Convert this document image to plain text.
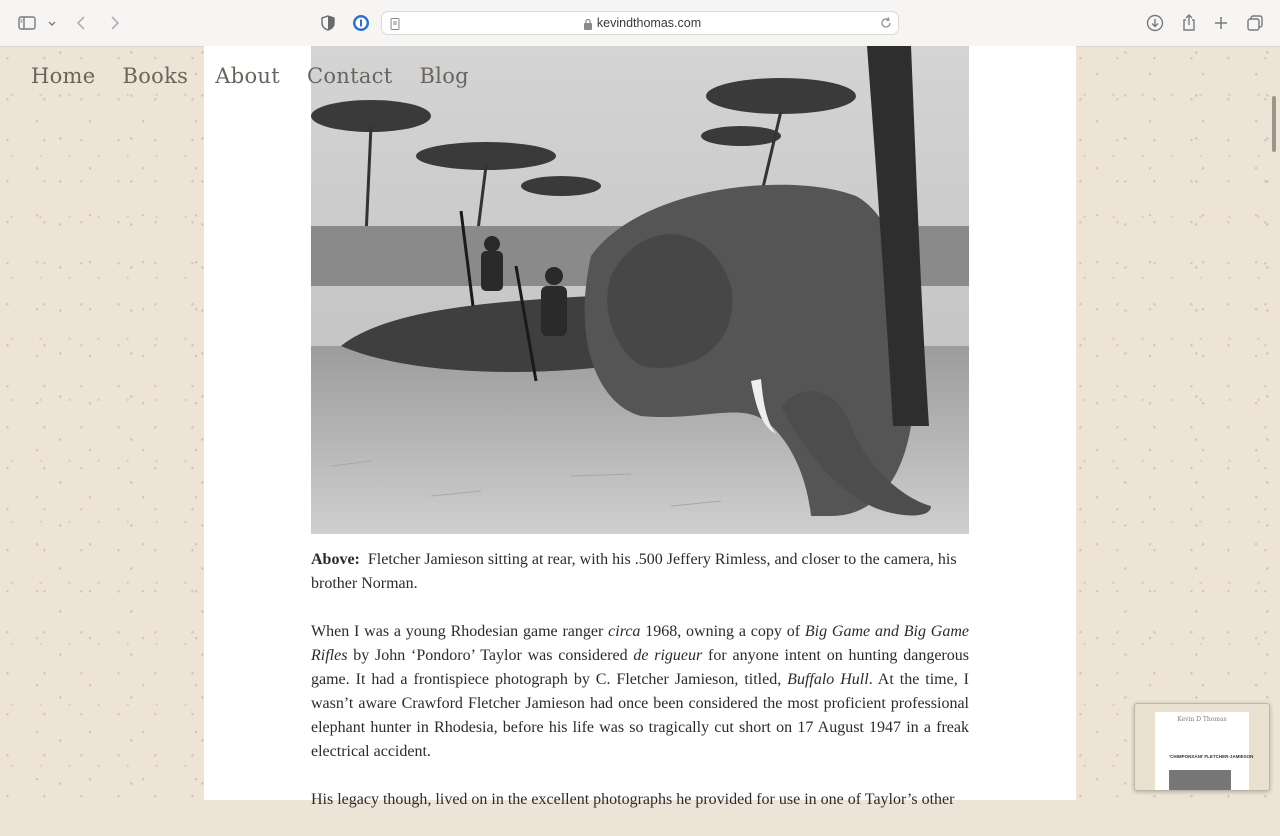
kevindthomas.com
Home Books About Contact Blog

Above: Fletcher Jamieson sitting at rear, with his .500 Jeffery Rimless, and closer to the camera, his brother Norman.

When I was a young Rhodesian game ranger circa 1968, owning a copy of Big Game and Big Game Rifles by John ‘Pondoro’ Taylor was considered de rigueur for anyone intent on hunting dangerous game. It had a frontispiece photograph by C. Fletcher Jamieson, titled, Buffalo Hull. At the time, I wasn’t aware Crawford Fletcher Jamieson had once been considered the most proficient professional elephant hunter in Rhodesia, before his life was so tragically cut short on 17 August 1947 in a freak electrical accident.

His legacy though, lived on in the excellent photographs he provided for use in one of Taylor’s other

Kevin D Thomas
'CHIMPONSANI' FLETCHER-JAMIESON
